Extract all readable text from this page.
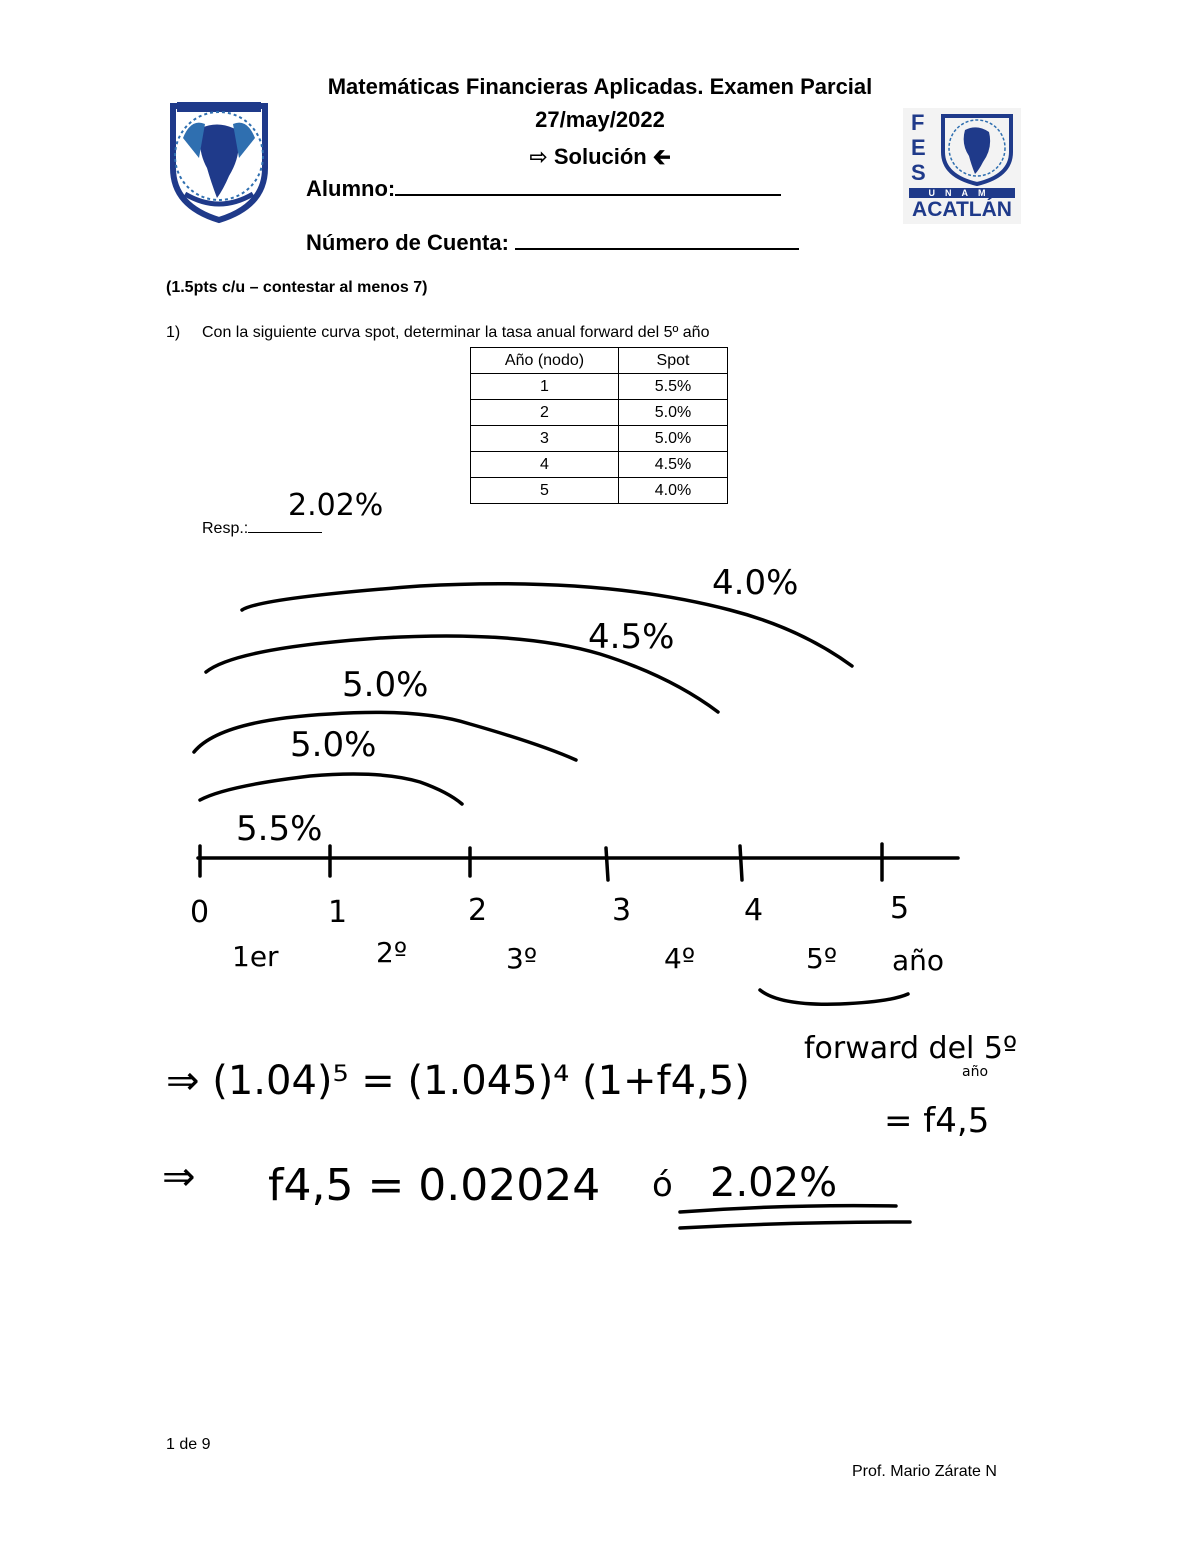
F
E
S
UNAM
ACATLÁN
Matemáticas Financieras Aplicadas. Examen Parcial
27/may/2022
⇨ Solución 🡰
Alumno:
Número de Cuenta:
(1.5pts c/u – contestar al menos 7)
1) Con la siguiente curva spot, determinar la tasa anual forward del 5º año
Año (nodo)	Spot
1	5.5%
2	5.0%
3	5.0%
4	4.5%
5	4.0%
Resp.:
2.02%
5.5%
5.0%
5.0%
4.5%
4.0%
0	1	2	3	4	5
1er	2º	3º	4º	5º año
forward del 5º
año
= f4,5
⇒ (1.04)⁵ = (1.045)⁴ (1+f4,5)
⇒ f4,5 = 0.02024 ó 2.02%
1 de 9
Prof. Mario Zárate N
